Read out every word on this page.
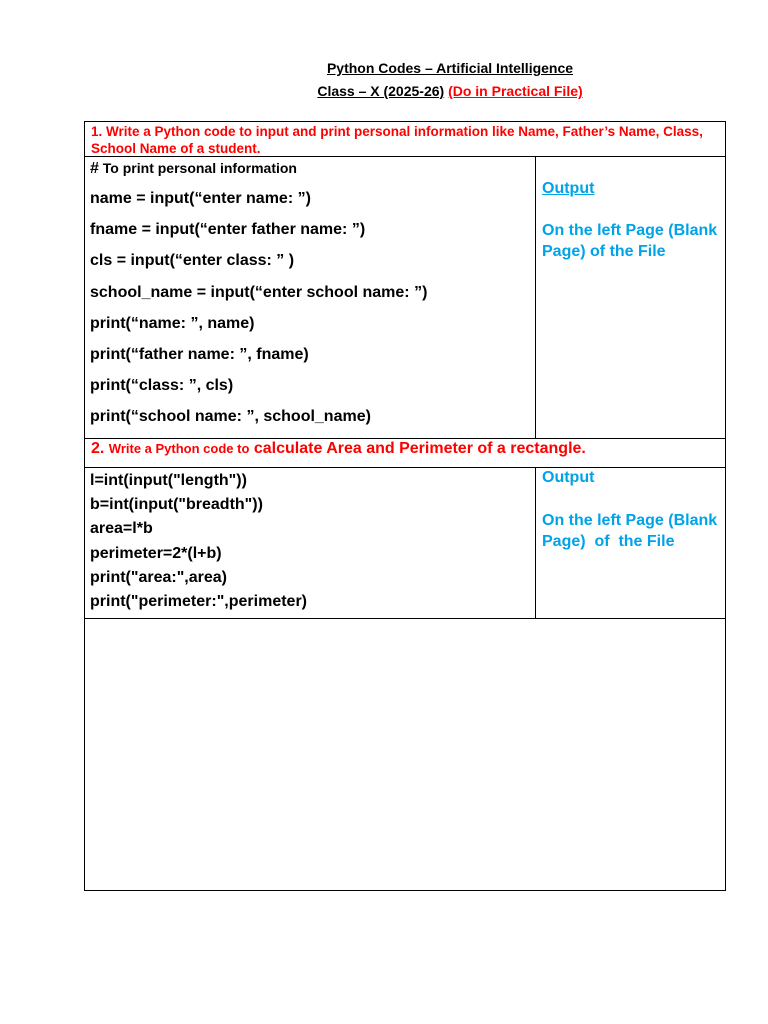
Python Codes – Artificial Intelligence
Class – X (2025-26) (Do in Practical File)
1. Write a Python code to input and print personal information like Name, Father’s Name, Class, School Name of a student.
# To print personal information
name = input(“enter name: ”)
fname = input(“enter father name: ”)
cls = input(“enter class: ” )
school_name = input(“enter school name: ”)
print(“name: ”, name)
print(“father name: ”, fname)
print(“class: ”, cls)
print(“school name: ”, school_name)
Output
On the left Page (Blank Page) of the File
2. Write a Python code to calculate Area and Perimeter of a rectangle.
l=int(input("length"))
b=int(input("breadth"))
area=l*b
perimeter=2*(l+b)
print("area:",area)
print("perimeter:",perimeter)
Output
On the left Page (Blank Page)  of  the File
